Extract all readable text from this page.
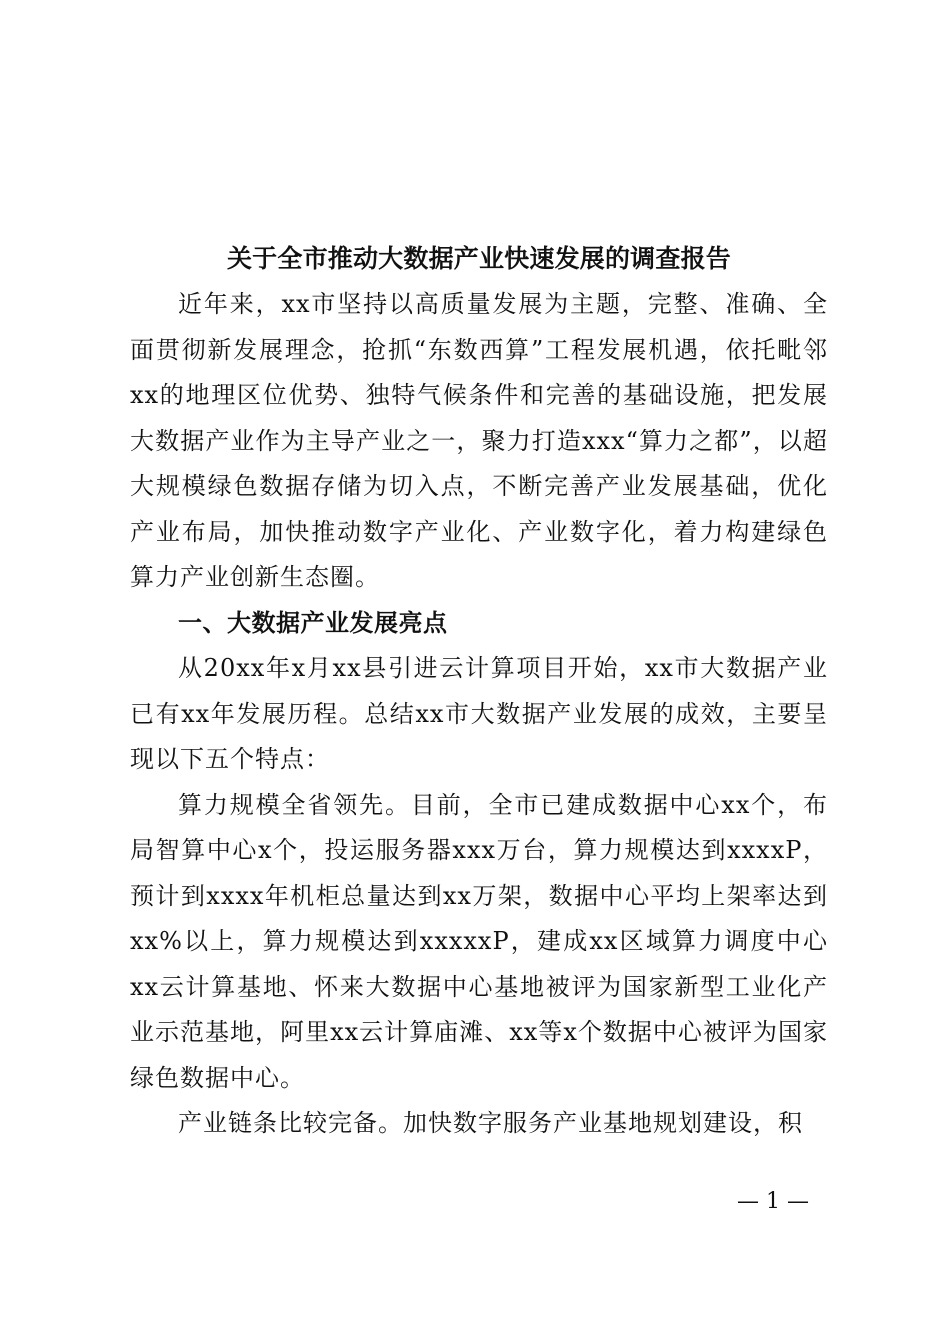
关于全市推动大数据产业快速发展的调查报告

近年来，xx市坚持以高质量发展为主题，完整、准确、全面贯彻新发展理念，抢抓“东数西算”工程发展机遇，依托毗邻xx的地理区位优势、独特气候条件和完善的基础设施，把发展大数据产业作为主导产业之一，聚力打造xxx“算力之都”，以超大规模绿色数据存储为切入点，不断完善产业发展基础，优化产业布局，加快推动数字产业化、产业数字化，着力构建绿色算力产业创新生态圈。

一、大数据产业发展亮点

从20xx年x月xx县引进云计算项目开始，xx市大数据产业已有xx年发展历程。总结xx市大数据产业发展的成效，主要呈现以下五个特点：

算力规模全省领先。目前，全市已建成数据中心xx个，布局智算中心x个，投运服务器xxx万台，算力规模达到xxxxP，预计到xxxx年机柜总量达到xx万架，数据中心平均上架率达到xx%以上，算力规模达到xxxxxP，建成xx区域算力调度中心xx云计算基地、怀来大数据中心基地被评为国家新型工业化产业示范基地，阿里xx云计算庙滩、xx等x个数据中心被评为国家绿色数据中心。

产业链条比较完备。加快数字服务产业基地规划建设，积

— 1 —
